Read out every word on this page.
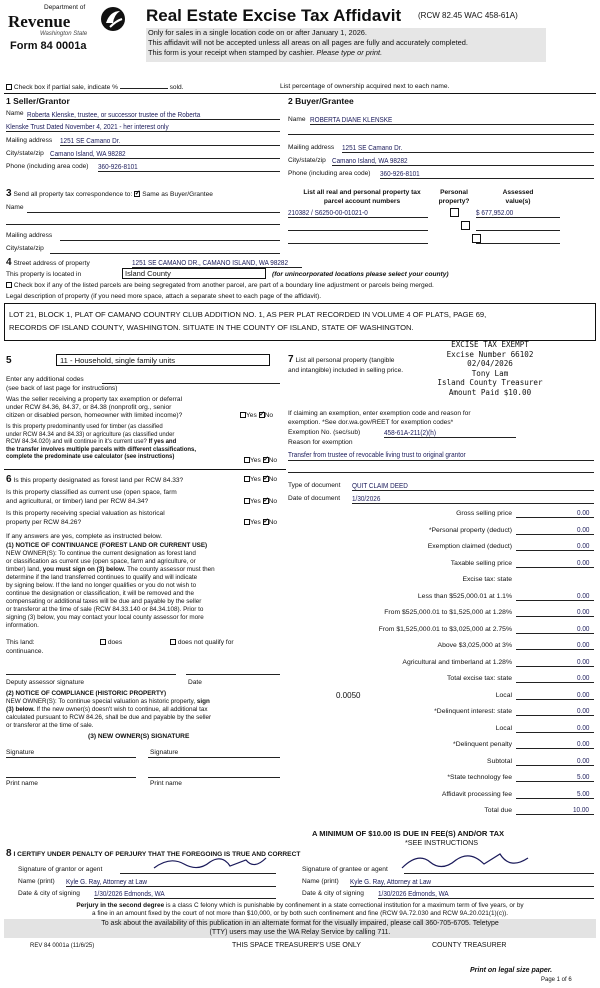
Department of
Revenue
Washington State
Form 84 0001a
Real Estate Excise Tax Affidavit (RCW 82.45 WAC 458-61A)
Only for sales in a single location code on or after January 1, 2026.
This affidavit will not be accepted unless all areas on all pages are fully and accurately completed.
This form is your receipt when stamped by cashier. Please type or print.
Check box if partial sale, indicate %	sold.	List percentage of ownership acquired next to each name.
1 Seller/Grantor
Name Roberta Klenske, trustee, or successor trustee of the Roberta
Klenske Trust Dated November 4, 2021 - her interest only
Mailing address 1251 SE Camano Dr.
City/state/zip Camano Island, WA 98282
Phone (including area code) 360-926-8101
2 Buyer/Grantee
Name ROBERTA DIANE KLENSKE
Mailing address 1251 SE Camano Dr.
City/state/zip Camano Island, WA 98282
Phone (including area code) 360-926-8101
3 Send all property tax correspondence to: ✓ Same as Buyer/Grantee
Name
Mailing address
City/state/zip
List all real and personal property tax
parcel account numbers
Personal
property?
Assessed
value(s)
210382 / S6250-00-01021-0
	$ 677,952.00

4 Street address of property	1251 SE CAMANO DR., CAMANO ISLAND, WA 98282
This property is located in	Island County	(for unincorporated locations please select your county)
Check box if any of the listed parcels are being segregated from another parcel, are part of a boundary line adjustment or parcels being merged.
Legal description of property (if you need more space, attach a separate sheet to each page of the affidavit).
LOT 21, BLOCK 1, PLAT OF CAMANO COUNTRY CLUB ADDITION NO. 1, AS PER PLAT RECORDED IN VOLUME 4 OF PLATS, PAGE 69,
RECORDS OF ISLAND COUNTY, WASHINGTON. SITUATE IN THE COUNTY OF ISLAND, STATE OF WASHINGTON.
EXCISE TAX EXEMPT
Excise Number 66102
02/04/2026
Tony Lam
Island County Treasurer
Amount Paid $10.00
5	11 - Household, single family units
Enter any additional codes
(see back of last page for instructions)
Was the seller receiving a property tax exemption or deferral
under RCW 84.36, 84.37, or 84.38 (nonprofit org., senior
citizen or disabled person, homeowner with limited income)?	Yes ✓ No
Is this property predominantly used for timber (as classified
under RCW 84.34 and 84.33) or agriculture (as classified under
RCW 84.34.020) and will continue in it's current use? If yes and
the transfer involves multiple parcels with different classifications,
complete the predominate use calculator (see instructions)	Yes ✓ No
6 Is this property designated as forest land per RCW 84.33?	Yes ✓ No
Is this property classified as current use (open space, farm
and agricultural, or timber) land per RCW 84.34?	Yes ✓ No
Is this property receiving special valuation as historical
property per RCW 84.26?	Yes ✓ No
If any answers are yes, complete as instructed below.
(1) NOTICE OF CONTINUANCE (FOREST LAND OR CURRENT USE)
NEW OWNER(S): To continue the current designation as forest land
or classification as current use (open space, farm and agriculture, or
timber) land, you must sign on (3) below. The county assessor must then
determine if the land transferred continues to qualify and will indicate
by signing below. If the land no longer qualifies or you do not wish to
continue the designation or classification, it will be removed and the
compensating or additional taxes will be due and payable by the seller
or transferor at the time of sale (RCW 84.33.140 or 84.34.108). Prior to
signing (3) below, you may contact your local county assessor for more
information.
This land:	does	does not qualify for
continuance.
Deputy assessor signature	Date
(2) NOTICE OF COMPLIANCE (HISTORIC PROPERTY)
NEW OWNER(S): To continue special valuation as historic property, sign
(3) below. If the new owner(s) doesn't wish to continue, all additional tax
calculated pursuant to RCW 84.26, shall be due and payable by the seller
or transferor at the time of sale.
(3) NEW OWNER(S) SIGNATURE
Signature	Signature
Print name	Print name
7 List all personal property (tangible and intangible) included in selling price.
If claiming an exemption, enter exemption code and reason for
exemption. *See dor.wa.gov/REET for exemption codes*
Exemption No. (sec/sub)	458-61A-211(2)(h)
Reason for exemption
Transfer from trustee of revocable living trust to original grantor
Type of document QUIT CLAIM DEED
Date of document 1/30/2026
Gross selling price	0.00
*Personal property (deduct)	0.00
Exemption claimed (deduct)	0.00
Taxable selling price	0.00
Excise tax: state
Less than $525,000.01 at 1.1%	0.00
From $525,000.01 to $1,525,000 at 1.28%	0.00
From $1,525,000.01 to $3,025,000 at 2.75%	0.00
Above $3,025,000 at 3%	0.00
Agricultural and timberland at 1.28%	0.00
Total excise tax: state	0.00
Local
0.0050	0.00
*Delinquent interest: state	0.00
Local	0.00
*Delinquent penalty	0.00
Subtotal	0.00
*State technology fee	5.00
Affidavit processing fee	5.00
Total due	10.00
A MINIMUM OF $10.00 IS DUE IN FEE(S) AND/OR TAX
*SEE INSTRUCTIONS
8 I CERTIFY UNDER PENALTY OF PERJURY THAT THE FOREGOING IS TRUE AND CORRECT
Signature of grantor or agent
Name (print) Kyle G. Ray, Attorney at Law
Date & city of signing 1/30/2026 Edmonds, WA
Signature of grantee or agent
Name (print) Kyle G. Ray, Attorney at Law
Date & city of signing 1/30/2026 Edmonds, WA
Perjury in the second degree is a class C felony which is punishable by confinement in a state correctional institution for a maximum term of five years, or by
a fine in an amount fixed by the court of not more than $10,000, or by both such confinement and fine (RCW 9A.72.030 and RCW 9A.20.021(1)(c)).
To ask about the availability of this publication in an alternate format for the visually impaired, please call 360-705-6705. Teletype
(TTY) users may use the WA Relay Service by calling 711.
REV 84 0001a (11/6/25)	THIS SPACE TREASURER'S USE ONLY	COUNTY TREASURER
Print on legal size paper.
Page 1 of 6
